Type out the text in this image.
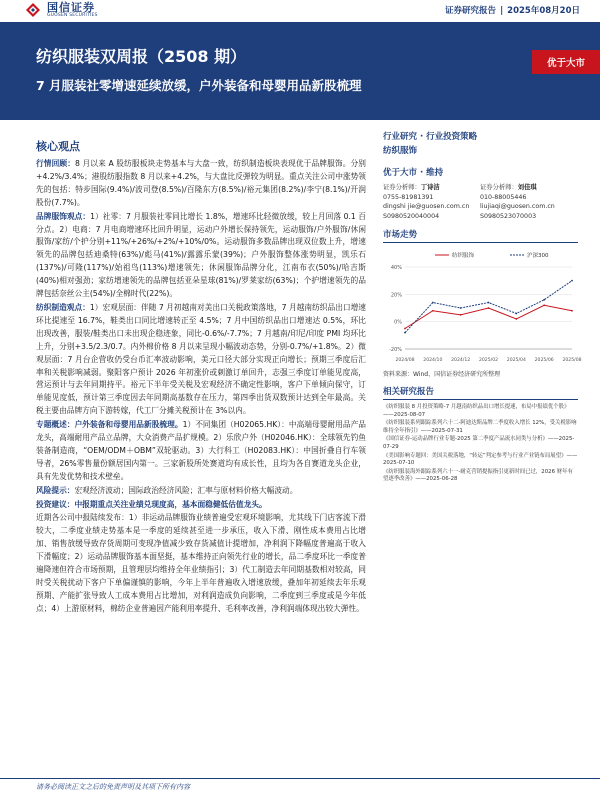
国信证券
GUOSEN SECURITIES	证券研究报告 | 2025年08月20日
纺织服装双周报（2508 期）
7 月服装社零增速延续放缓，户外装备和母婴用品新股梳理
优于大市
核心观点

行情回顾：8 月以来 A 股纺服板块走势基本与大盘一致，纺织制造板块表现优于品牌服饰。分别+4.2%/3.4%；港股纺服指数 8 月以来+4.2%，与大盘比反弹较为明显。重点关注公司中涨势领先的包括：特步国际(9.4%)/波司登(8.5%)/百隆东方(8.5%)/裕元集团(8.2%)/李宁(8.1%)/开润股份(7.7%)。

品牌服饰观点：1）社零：7 月服装社零同比增长 1.8%，增速环比轻微放缓，较上月回落 0.1 百分点。2）电商：7 月电商增速环比回升明显，运动户外增长保持领先，运动服饰/户外服饰/休闲服饰/家纺/个护分别+11%/+26%/+2%/+10%/0%。运动服饰多数品牌出现双位数上升，增速领先的品牌包括迪桑特(63%)/彪马(41%)/露露乐蒙(39%)；户外服饰整体涨势明显，凯乐石(137%)/可隆(117%)/始祖鸟(113%)增速领先；休闲服饰品牌分化，江南布衣(50%)/哈吉斯(40%)相对强劲；家纺增速领先的品牌包括亚朵星球(81%)/罗莱家纺(63%)；个护增速领先的品牌包括奈丝公主(54%)/全棉时代(22%)。

纺织制造观点：1）宏观层面：伴随 7 月初越南对美出口关税政策落地，7 月越南纺织品出口增速环比提速至 16.7%，鞋类出口同比增速转正至 4.5%；7 月中国纺织品出口增速达 0.5%，环比出现改善，服装/鞋类出口未出现企稳迹象，同比-0.6%/-7.7%；7 月越南/印尼/印度 PMI 均环比上升，分别+3.5/2.3/0.7。内外棉价格 8 月以来呈现小幅波动态势，分别-0.7%/+1.8%。2）微观层面：7 月台企营收仍受台币汇率波动影响，美元口径大部分实现正向增长；预期三季度后汇率和关税影响减弱。聚阳客户预计 2026 年初涨价或刺激订单回升，志强三季度订单能见度高，营运预计与去年同期持平。裕元下半年受关税及宏观经济不确定性影响，客户下单倾向保守，订单能见度低，预计第三季度因去年同期高基数存在压力，第四季出货双数预计达到全年最高。关税主要由品牌方向下游转嫁，代工厂分摊关税预计在 3%以内。

专题概述：户外装备和母婴用品新股梳理。1）不同集团（H02065.HK）：中高端母婴耐用品产品龙头，高端耐用产品立品牌，大众消费产品扩规模。2）乐欣户外（H02046.HK）：全球领先钓鱼装备制造商，“OEM/ODM＋OBM”双轮驱动。3）大行科工（H02083.HK）：中国折叠自行车领导者，26%零售量份额居国内第一。三家新股所处赛道均有成长性，且均为各自赛道龙头企业，具有先发优势和技术壁垒。

风险提示：宏观经济波动；国际政治经济风险；汇率与原材料价格大幅波动。

投资建议：中报期重点关注业绩兑现度高，基本面稳健低估值龙头。

近期各公司中报陆续发布：1）非运动品牌服饰业绩普遍受宏观环境影响，尤其线下门店客流下滑较大，二季度业绩走势基本是一季度的延续甚至进一步承压，收入下滑、刚性成本费用占比增加、销售放缓导致存货周期可变现净值减少致存货减值计提增加，净利润下降幅度普遍高于收入下滑幅度；2）运动品牌服饰基本面坚挺，基本维持正向领先行业的增长，品二季度环比一季度普遍降速但符合市场预期，且管理层均维持全年业绩指引；3）代工制造去年同期基数相对较高，同时受关税扰动下客户下单偏谨慎的影响，今年上半年普遍收入增速放缓，叠加年初延续去年乐观预期、产能扩张导致人工成本费用占比增加，对利润造成负向影响，二季度到三季度或是今年低点；4）上游原材料，棉纺企业普遍因产能利用率提升、毛利率改善，净利润端体现出较大弹性。

行业研究 · 行业投资策略
纺织服饰
优于大市 · 维持
证券分析师：丁诗洁
0755-81981391
dingshi jie@guosen.com.cn
S0980520040004
证券分析师：刘佳琪
010-88005446
liujiaqi@guosen.com.cn
S0980523070003
市场走势
-20%
0%
20%
40%
2024/08 2024/10 2024/12 2025/02 2025/04 2025/06 2025/08
纺织服饰	沪深300
资料来源：Wind、国信证券经济研究所整理
相关研究报告
《纺织服装 8 月投资策略-7 月越南纺织品出口增长提速，布局中报绩优个股》——2025-08-07
《纺织服装系列跟踪系列六十二-阿迪达斯品牌二季度收入增长 12%，受关税影响维持全年指引》——2025-07-31
《国信证券-运动品牌行业专题-2025 第二季度产品流水同类与分析》——2025-07-29
《美国影响专题回：美国关税落地，“转运”判定参考与行业产业链布局展望》——2025-07-10
《纺织服装海外跟踪系列六十一-耐克营销提振指引更新时间已过，2026 财年有望逐季改善》——2025-06-28
请务必阅读正文之后的免责声明及其项下所有内容
